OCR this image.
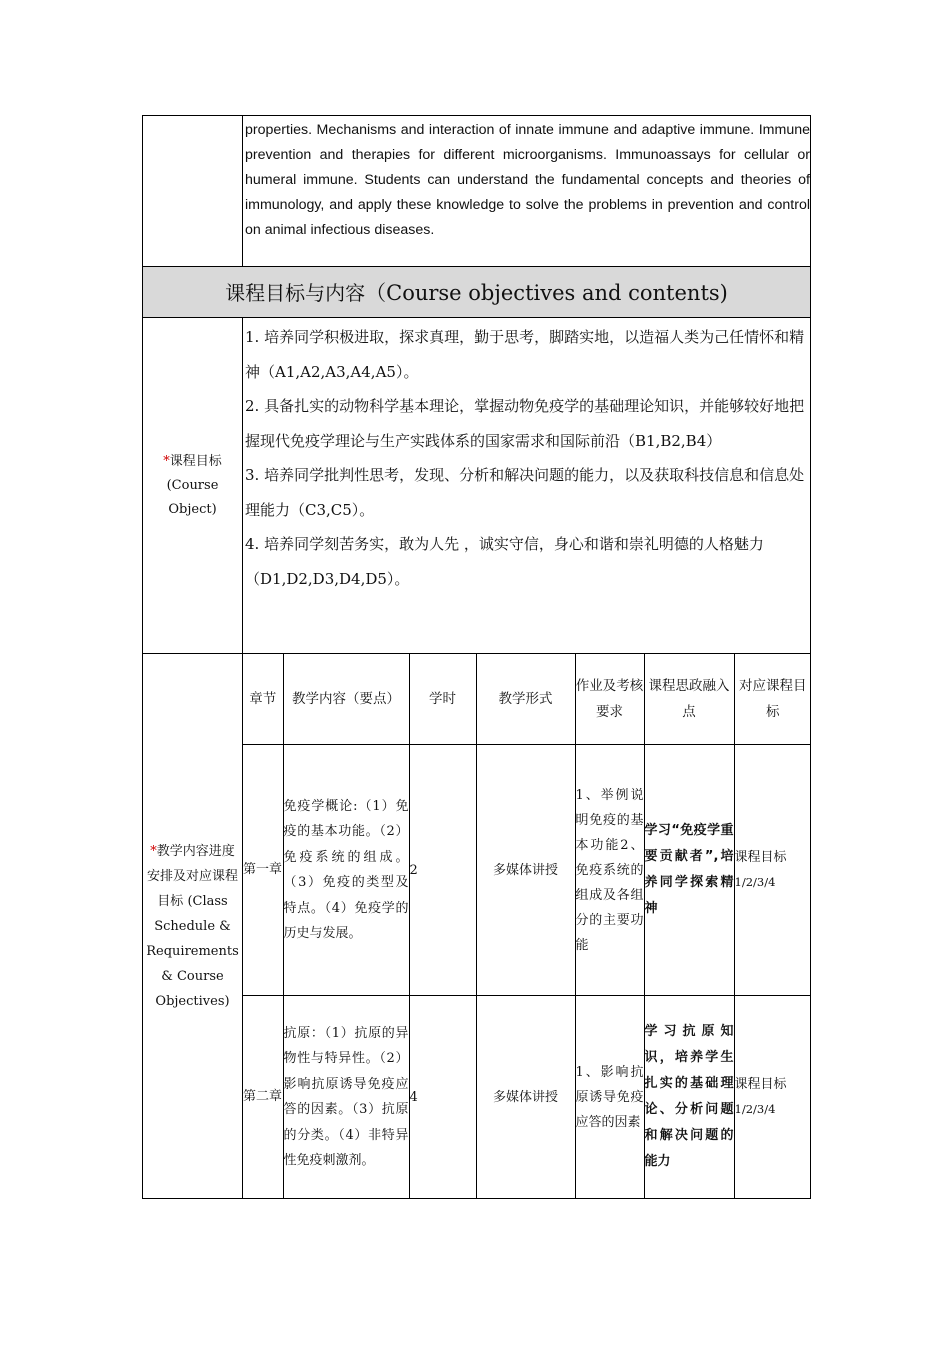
properties. Mechanisms and interaction of innate immune and adaptive immune. Immune prevention and therapies for different microorganisms. Immunoassays for cellular or humeral immune. Students can understand the fundamental concepts and theories of immunology, and apply these knowledge to solve the problems in prevention and control on animal infectious diseases.

课程目标与内容（Course objectives and contents)

*课程目标
(Course Object)

1. 培养同学积极进取，探求真理，勤于思考，脚踏实地，以造福人类为己任情怀和精神（A1,A2,A3,A4,A5）。
2. 具备扎实的动物科学基本理论，掌握动物免疫学的基础理论知识，并能够较好地把握现代免疫学理论与生产实践体系的国家需求和国际前沿（B1,B2,B4）
3. 培养同学批判性思考，发现、分析和解决问题的能力，以及获取科技信息和信息处理能力（C3,C5）。
4. 培养同学刻苦务实，敢为人先 ，诚实守信，身心和谐和崇礼明德的人格魅力（D1,D2,D3,D4,D5）。

*教学内容进度安排及对应课程目标 (Class Schedule & Requirements & Course Objectives)

章节	教学内容（要点）	学时	教学形式	作业及考核要求	课程思政融入点	对应课程目标
第一章	免疫学概论:（1）免疫的基本功能。（2）免疫系统的组成。（3）免疫的类型及特点。（4）免疫学的历史与发展。	2	多媒体讲授	1、举例说明免疫的基本功能2、免疫系统的组成及各组分的主要功能	学习“免疫学重要贡献者”,培养同学探索精神	课程目标
1/2/3/4
第二章	抗原：（1）抗原的异物性与特异性。（2）影响抗原诱导免疫应答的因素。（3）抗原的分类。（4）非特异性免疫刺激剂。	4	多媒体讲授	1、影响抗原诱导免疫应答的因素	学习抗原知识，培养学生扎实的基础理论、分析问题和解决问题的能力	课程目标
1/2/3/4
